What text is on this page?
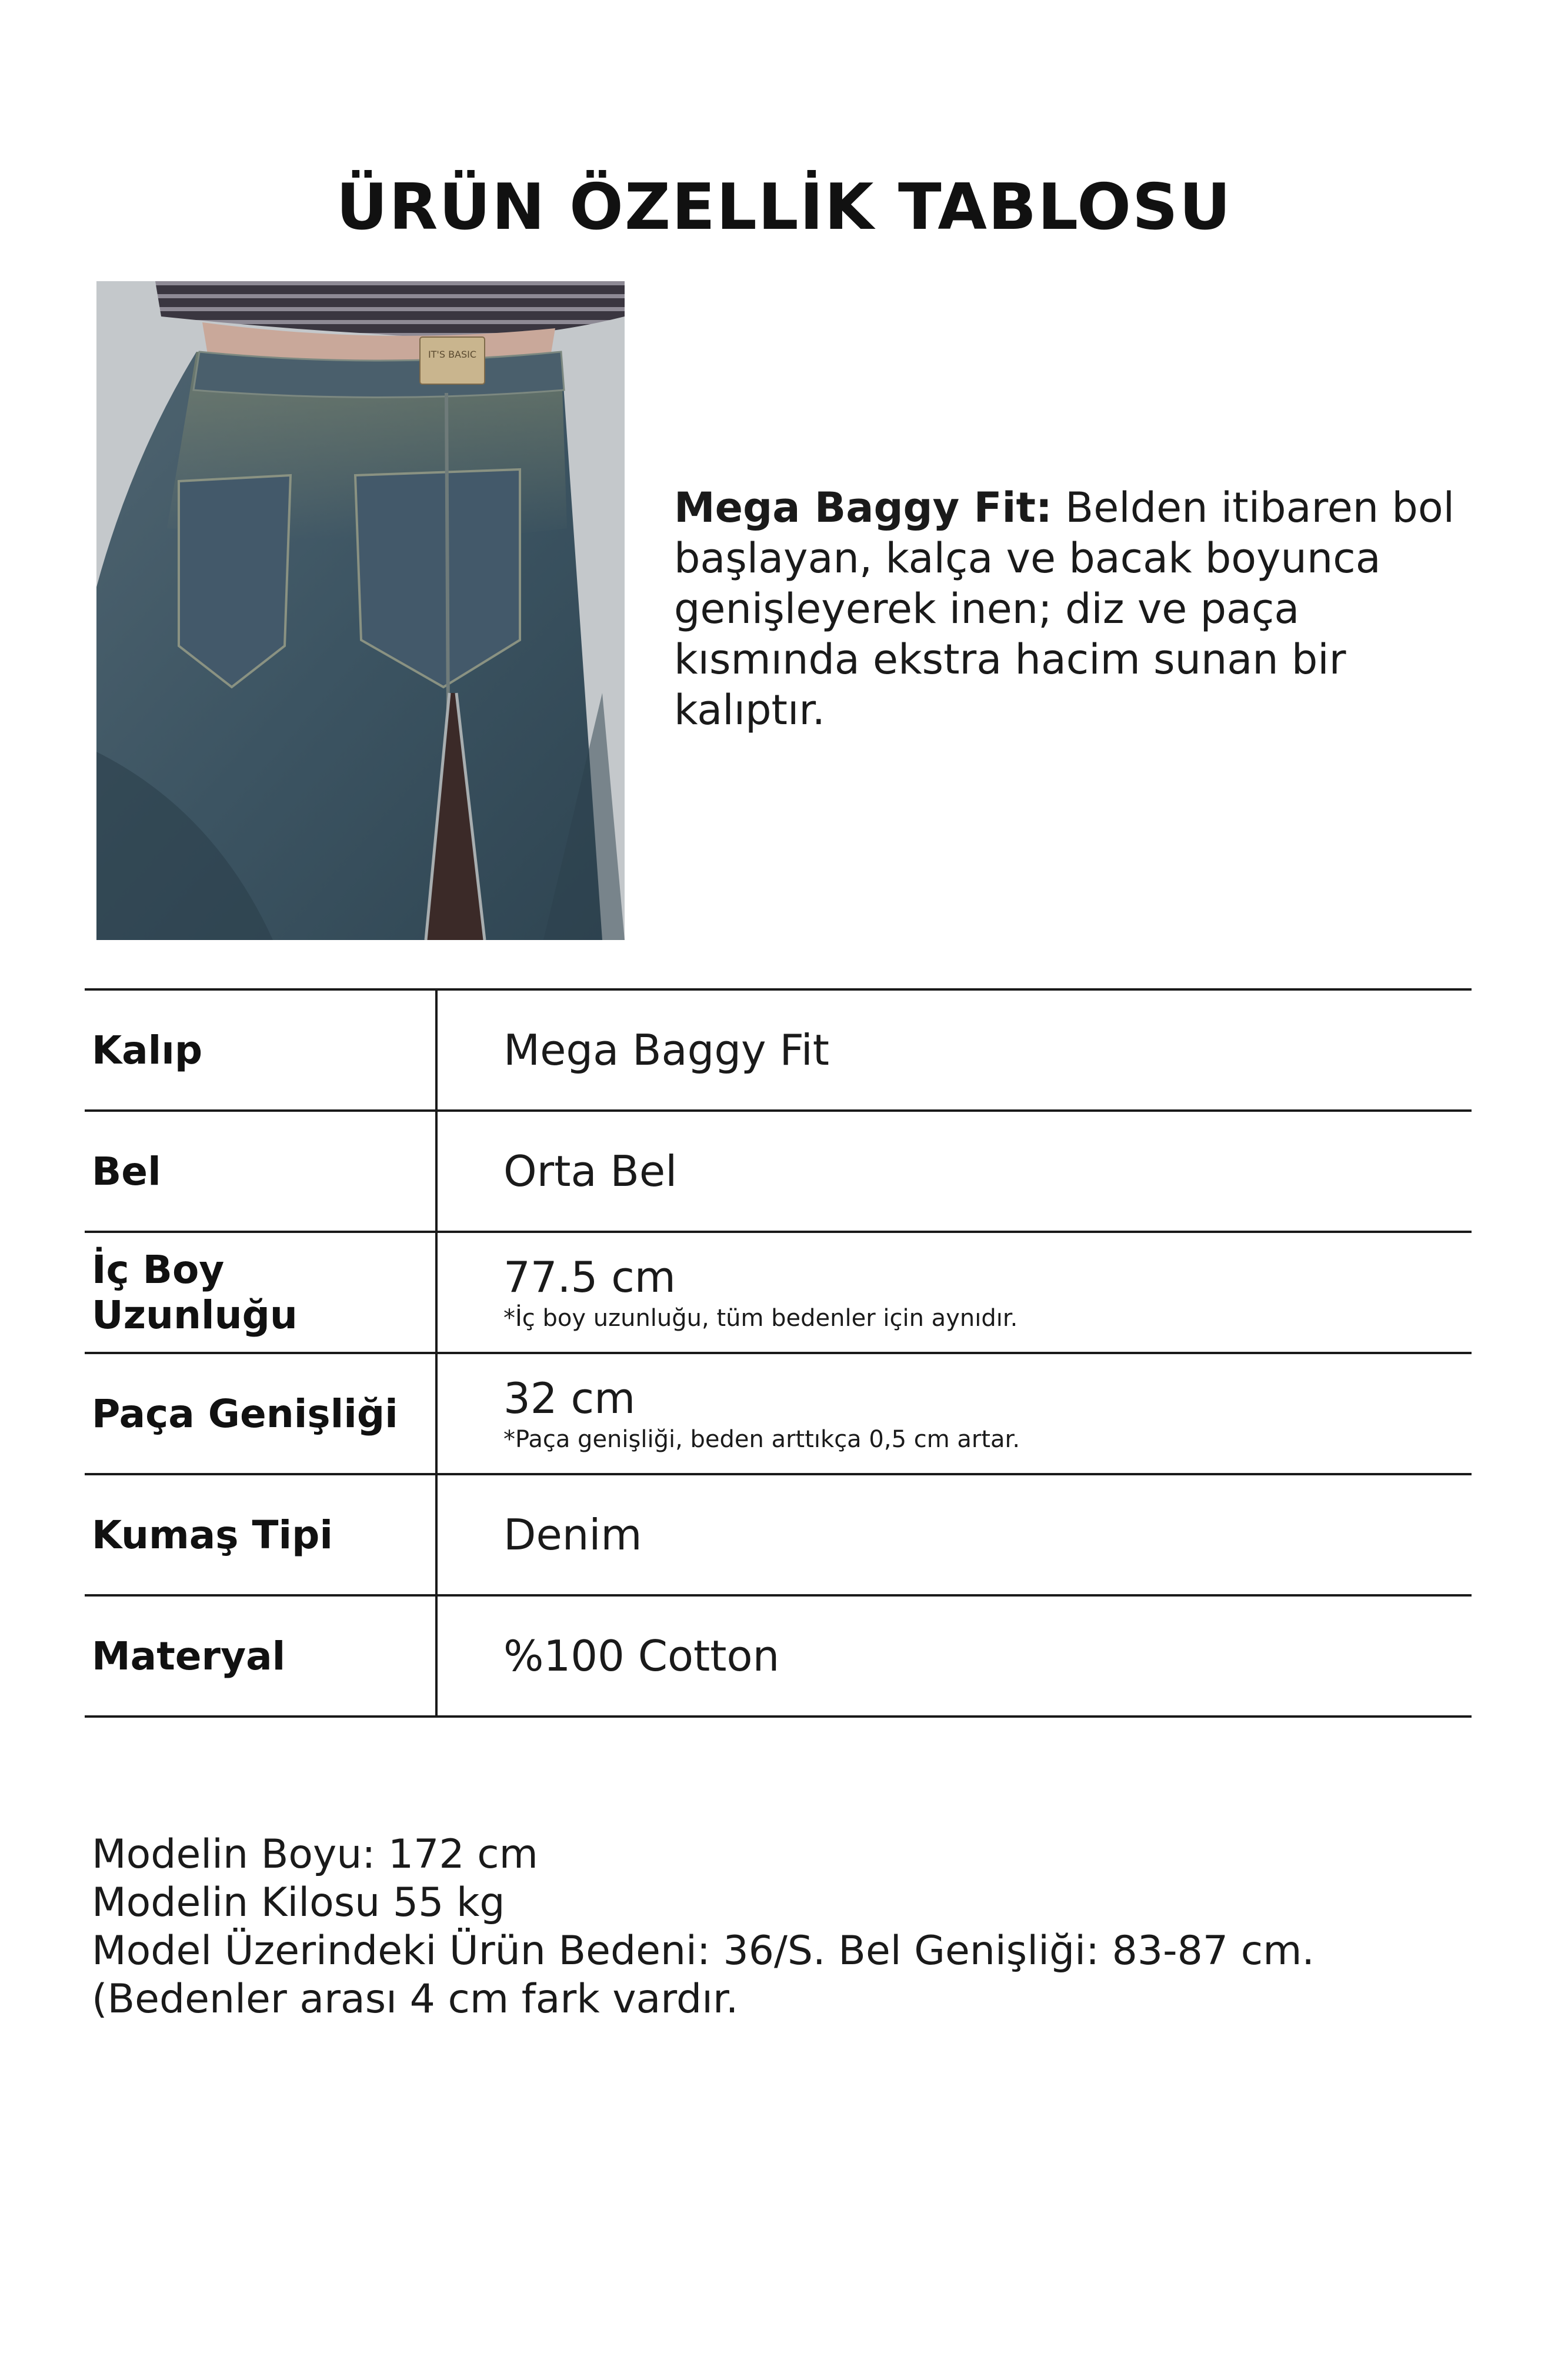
ÜRÜN ÖZELLİK TABLOSU
IT'S BASIC
Mega Baggy Fit: Belden itibaren bol başlayan, kalça ve bacak boyunca genişleyerek inen; diz ve paça kısmında ekstra hacim sunan bir kalıptır.
Kalıp	Mega Baggy Fit

Bel	Orta Bel

İç Boy Uzunluğu	77.5 cm
*İç boy uzunluğu, tüm bedenler için aynıdır.

Paça Genişliği	32 cm
*Paça genişliği, beden arttıkça 0,5 cm artar.

Kumaş Tipi	Denim

Materyal	%100 Cotton
Modelin Boyu: 172 cm
Modelin Kilosu 55 kg
Model Üzerindeki Ürün Bedeni: 36/S. Bel Genişliği: 83-87 cm. (Bedenler arası 4 cm fark vardır.
